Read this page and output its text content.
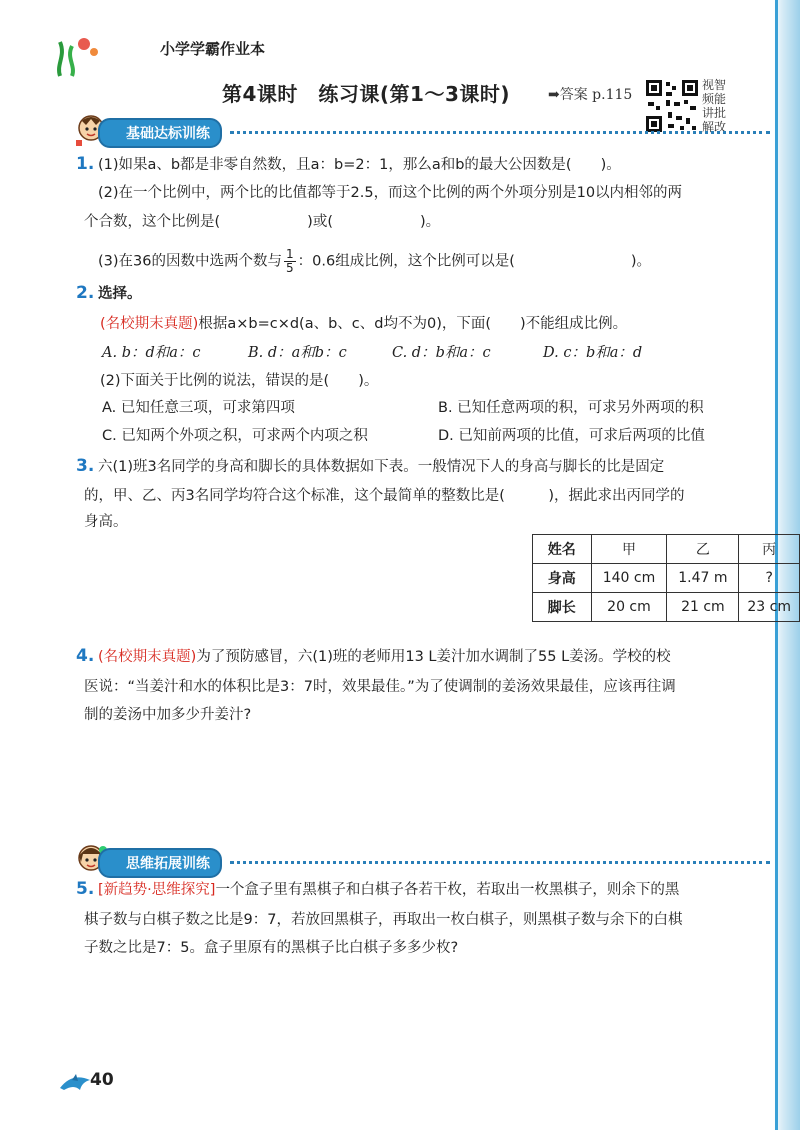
小学学霸作业本
第4课时　练习课(第1～3课时)	➡答案 p.115
视智
频能
讲批
解改
基础达标训练
1. (1)如果a、b都是非零自然数，且a：b=2：1，那么a和b的最大公因数是(　　)。
(2)在一个比例中，两个比的比值都等于2.5，而这个比例的两个外项分别是10以内相邻的两
个合数，这个比例是(　　　　　　)或(　　　　　　)。
(3)在36的因数中选两个数与 $\frac{1}{5}$ ：0.6组成比例，这个比例可以是(　　　　　　　　)。
2. 选择。
(名校期末真题)根据a×b=c×d(a、b、c、d均不为0)，下面(　　)不能组成比例。
A. b：d和a：c	B. d：a和b：c	C. d：b和a：c	D. c：b和a：d
(2)下面关于比例的说法，错误的是(　　)。
A. 已知任意三项，可求第四项	B. 已知任意两项的积，可求另外两项的积
C. 已知两个外项之积，可求两个内项之积	D. 已知前两项的比值，可求后两项的比值
3. 六(1)班3名同学的身高和脚长的具体数据如下表。一般情况下人的身高与脚长的比是固定
的，甲、乙、丙3名同学均符合这个标准，这个最简单的整数比是(　　　)，据此求出丙同学的
身高。
姓名	甲	乙	丙
身高	140 cm	1.47 m	?
脚长	20 cm	21 cm	23 cm
4. (名校期末真题)为了预防感冒，六(1)班的老师用13 L姜汁加水调制了55 L姜汤。学校的校
医说：“当姜汁和水的体积比是3：7时，效果最佳。”为了使调制的姜汤效果最佳，应该再往调
制的姜汤中加多少升姜汁?
思维拓展训练
5. [新趋势·思维探究]一个盒子里有黑棋子和白棋子各若干枚，若取出一枚黑棋子，则余下的黑
棋子数与白棋子数之比是9：7，若放回黑棋子，再取出一枚白棋子，则黑棋子数与余下的白棋
子数之比是7：5。盒子里原有的黑棋子比白棋子多多少枚?
40
